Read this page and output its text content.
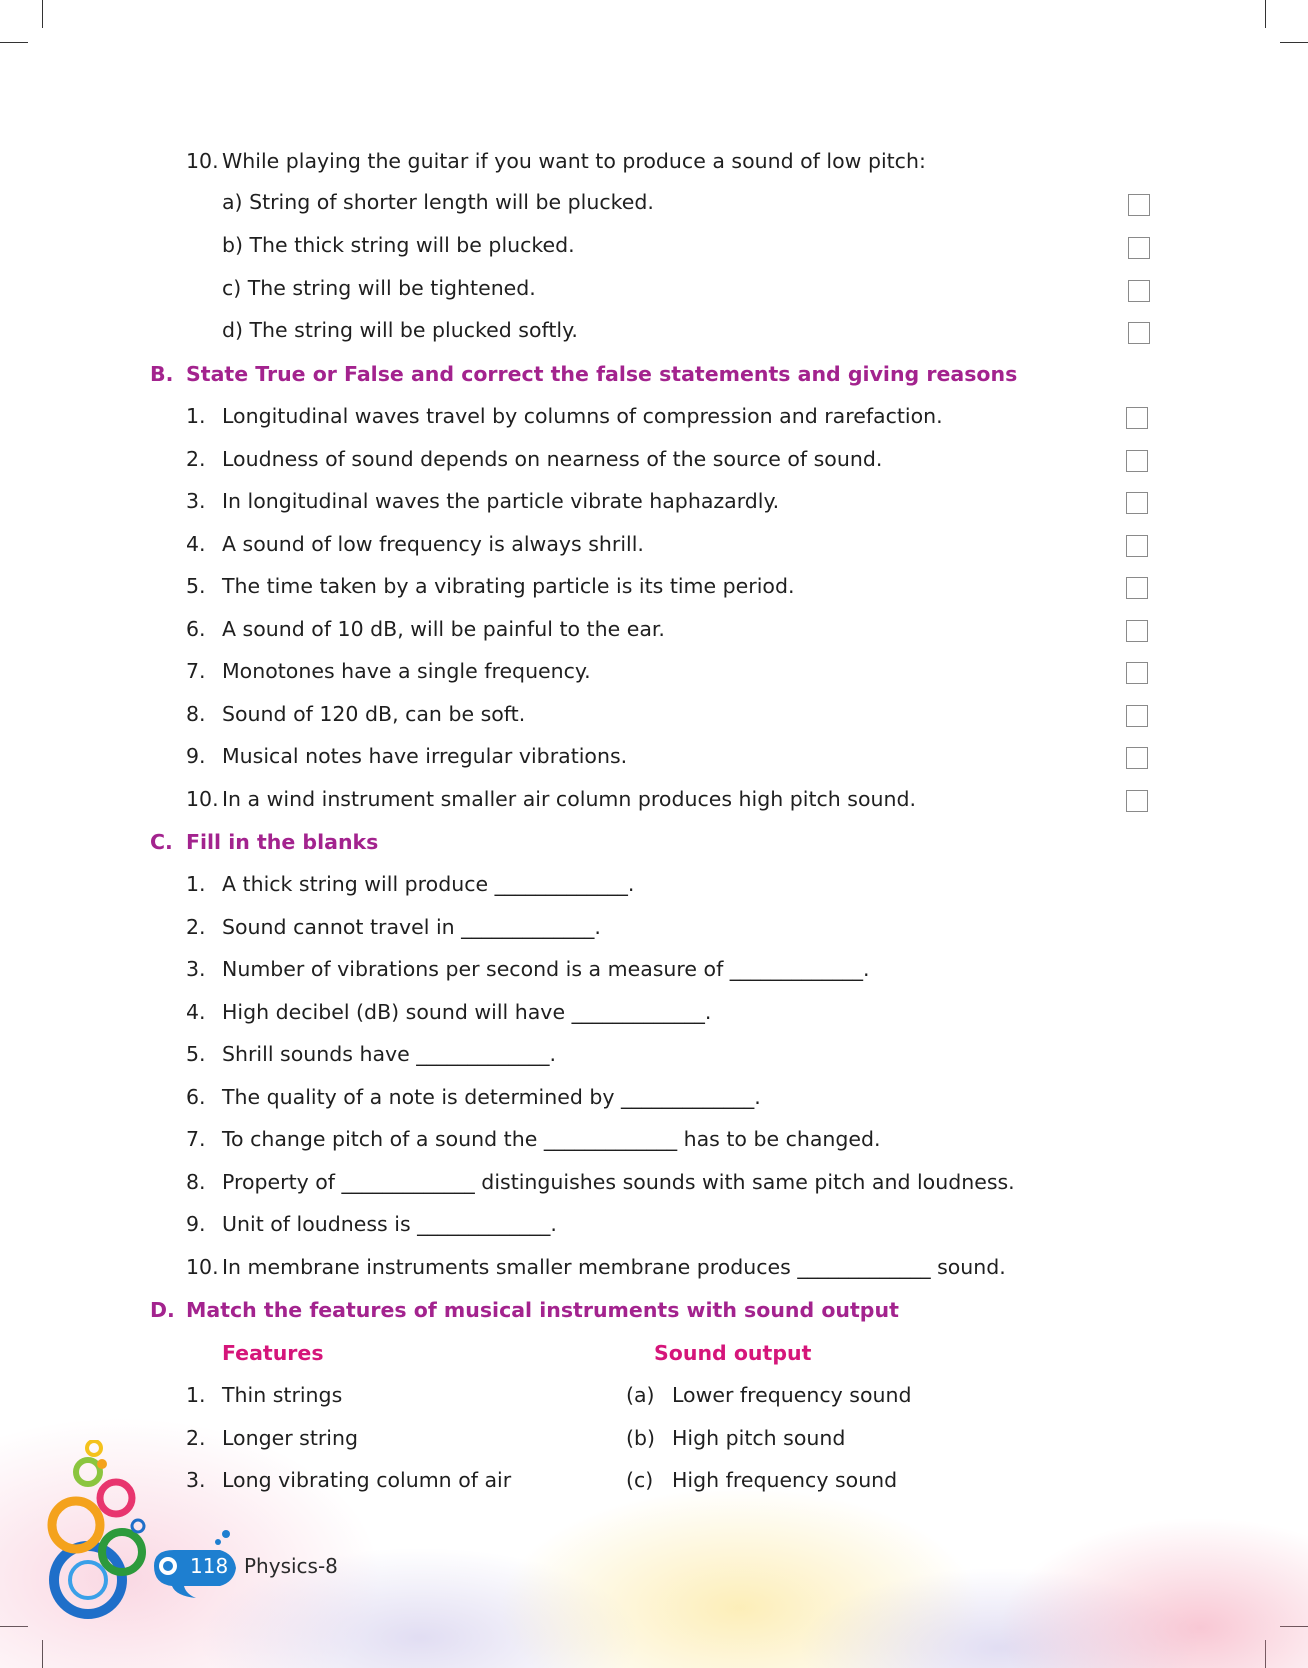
118 Physics-8
10. While playing the guitar if you want to produce a sound of low pitch:
a) String of shorter length will be plucked.
b) The thick string will be plucked.
c) The string will be tightened.
d) The string will be plucked softly.
B. State True or False and correct the false statements and giving reasons
1. Longitudinal waves travel by columns of compression and rarefaction.
2. Loudness of sound depends on nearness of the source of sound.
3. In longitudinal waves the particle vibrate haphazardly.
4. A sound of low frequency is always shrill.
5. The time taken by a vibrating particle is its time period.
6. A sound of 10 dB, will be painful to the ear.
7. Monotones have a single frequency.
8. Sound of 120 dB, can be soft.
9. Musical notes have irregular vibrations.
10. In a wind instrument smaller air column produces high pitch sound.
C. Fill in the blanks
1. A thick string will produce _____________.
2. Sound cannot travel in _____________.
3. Number of vibrations per second is a measure of _____________.
4. High decibel (dB) sound will have _____________.
5. Shrill sounds have _____________.
6. The quality of a note is determined by _____________.
7. To change pitch of a sound the _____________ has to be changed.
8. Property of _____________ distinguishes sounds with same pitch and loudness.
9. Unit of loudness is _____________.
10. In membrane instruments smaller membrane produces _____________ sound.
D. Match the features of musical instruments with sound output
Features	Sound output
1. Thin strings	(a) Lower frequency sound
2. Longer string	(b) High pitch sound
3. Long vibrating column of air	(c) High frequency sound
